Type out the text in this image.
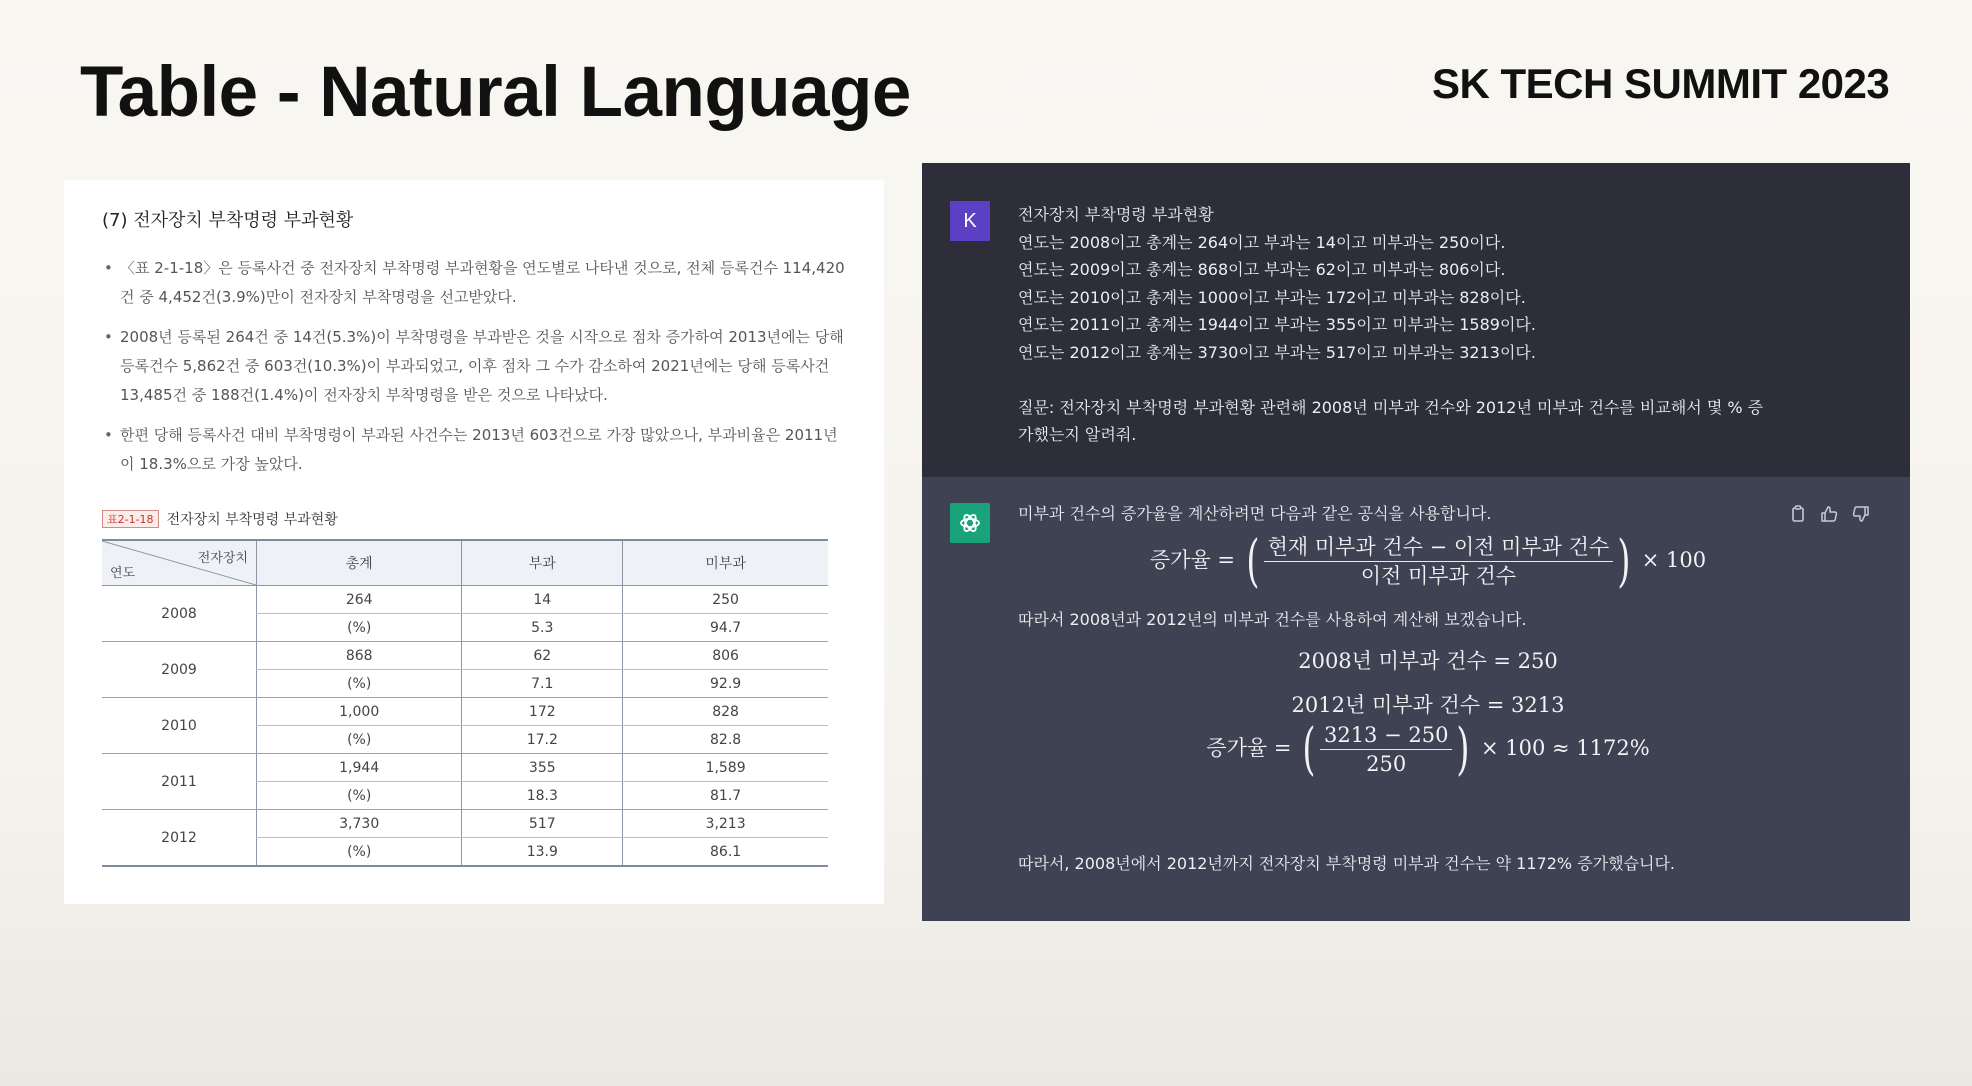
Table - Natural Language	SK TECH SUMMIT 2023
(7) 전자장치 부착명령 부과현황
• 〈표 2-1-18〉은 등록사건 중 전자장치 부착명령 부과현황을 연도별로 나타낸 것으로, 전체 등록건수 114,420건 중 4,452건(3.9%)만이 전자장치 부착명령을 선고받았다.
• 2008년 등록된 264건 중 14건(5.3%)이 부착명령을 부과받은 것을 시작으로 점차 증가하여 2013년에는 당해 등록건수 5,862건 중 603건(10.3%)이 부과되었고, 이후 점차 그 수가 감소하여 2021년에는 당해 등록사건 13,485건 중 188건(1.4%)이 전자장치 부착명령을 받은 것으로 나타났다.
• 한편 당해 등록사건 대비 부착명령이 부과된 사건수는 2013년 603건으로 가장 많았으나, 부과비율은 2011년이 18.3%으로 가장 높았다.
표2-1-18 전자장치 부착명령 부과현황
전자장치
연도	총계	부과	미부과
2008	264	14	250
	(%)	5.3	94.7
2009	868	62	806
	(%)	7.1	92.9
2010	1,000	172	828
	(%)	17.2	82.8
2011	1,944	355	1,589
	(%)	18.3	81.7
2012	3,730	517	3,213
	(%)	13.9	86.1
K	전자장치 부착명령 부과현황
연도는 2008이고 총계는 264이고 부과는 14이고 미부과는 250이다.
연도는 2009이고 총계는 868이고 부과는 62이고 미부과는 806이다.
연도는 2010이고 총계는 1000이고 부과는 172이고 미부과는 828이다.
연도는 2011이고 총계는 1944이고 부과는 355이고 미부과는 1589이다.
연도는 2012이고 총계는 3730이고 부과는 517이고 미부과는 3213이다.
질문: 전자장치 부착명령 부과현황 관련해 2008년 미부과 건수와 2012년 미부과 건수를 비교해서 몇 % 증
가했는지 알려줘.
미부과 건수의 증가율을 계산하려면 다음과 같은 공식을 사용합니다.
증가율 = ( $\frac{\text{현재 미부과 건수 − 이전 미부과 건수}}{\text{이전 미부과 건수}}$ ) × 100
따라서 2008년과 2012년의 미부과 건수를 사용하여 계산해 보겠습니다.
2008년 미부과 건수 = 250
2012년 미부과 건수 = 3213
증가율 = ( $\frac{3213 - 250}{250}$ ) × 100 ≈ 1172%
따라서, 2008년에서 2012년까지 전자장치 부착명령 미부과 건수는 약 1172% 증가했습니다.
